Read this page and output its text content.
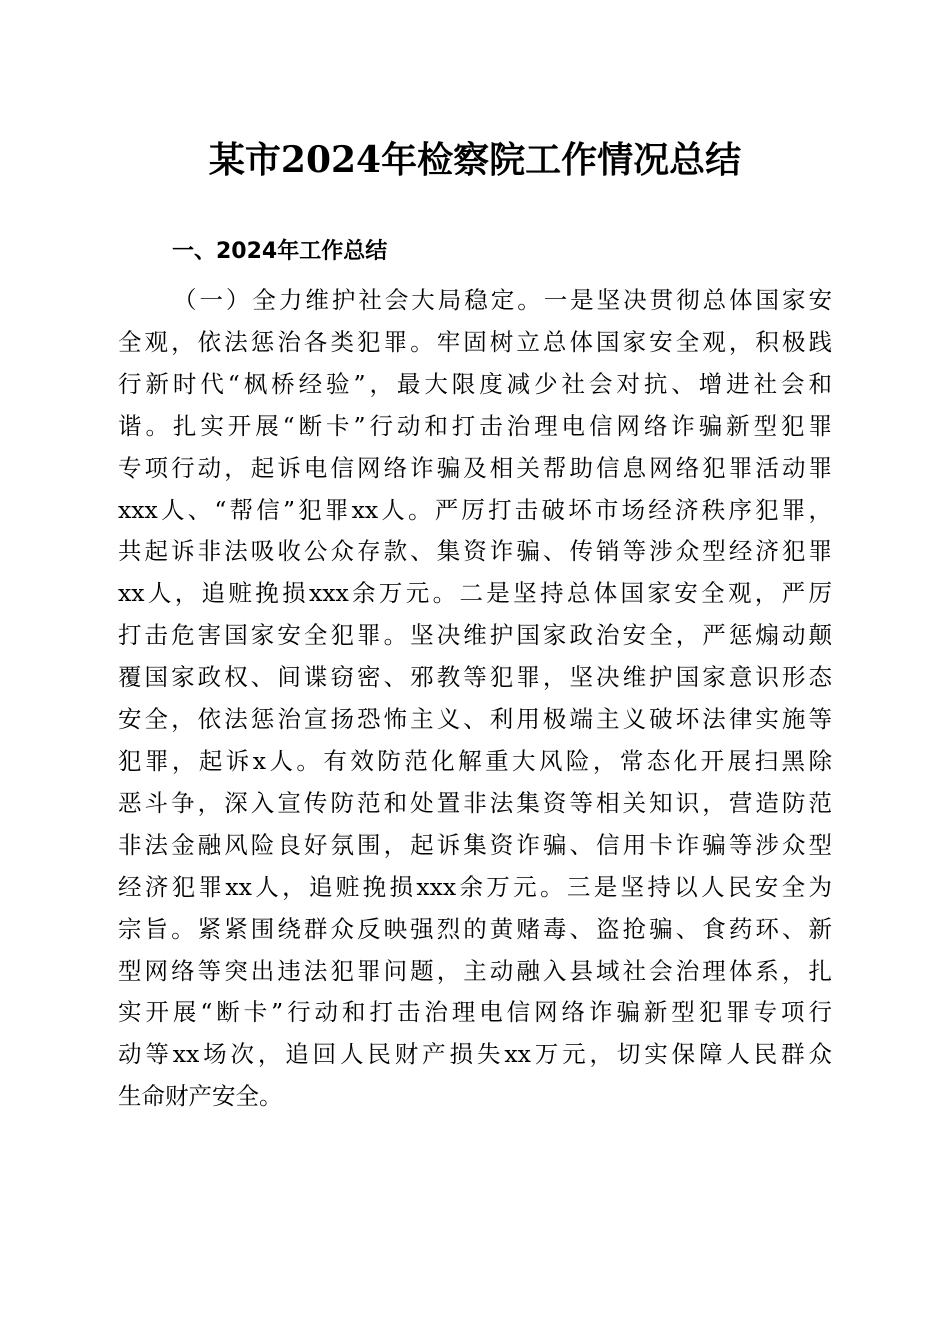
某市2024年检察院工作情况总结
一、2024年工作总结
（一）全力维护社会大局稳定。一是坚决贯彻总体国家安
全观，依法惩治各类犯罪。牢固树立总体国家安全观，积极践
行新时代“枫桥经验”，最大限度减少社会对抗、增进社会和
谐。扎实开展“断卡”行动和打击治理电信网络诈骗新型犯罪
专项行动，起诉电信网络诈骗及相关帮助信息网络犯罪活动罪
xxx人、“帮信”犯罪xx人。严厉打击破坏市场经济秩序犯罪，
共起诉非法吸收公众存款、集资诈骗、传销等涉众型经济犯罪
xx人，追赃挽损xxx余万元。二是坚持总体国家安全观，严厉
打击危害国家安全犯罪。坚决维护国家政治安全，严惩煽动颠
覆国家政权、间谍窃密、邪教等犯罪，坚决维护国家意识形态
安全，依法惩治宣扬恐怖主义、利用极端主义破坏法律实施等
犯罪，起诉x人。有效防范化解重大风险，常态化开展扫黑除
恶斗争，深入宣传防范和处置非法集资等相关知识，营造防范
非法金融风险良好氛围，起诉集资诈骗、信用卡诈骗等涉众型
经济犯罪xx人，追赃挽损xxx余万元。三是坚持以人民安全为
宗旨。紧紧围绕群众反映强烈的黄赌毒、盗抢骗、食药环、新
型网络等突出违法犯罪问题，主动融入县域社会治理体系，扎
实开展“断卡”行动和打击治理电信网络诈骗新型犯罪专项行
动等xx场次，追回人民财产损失xx万元，切实保障人民群众
生命财产安全。
